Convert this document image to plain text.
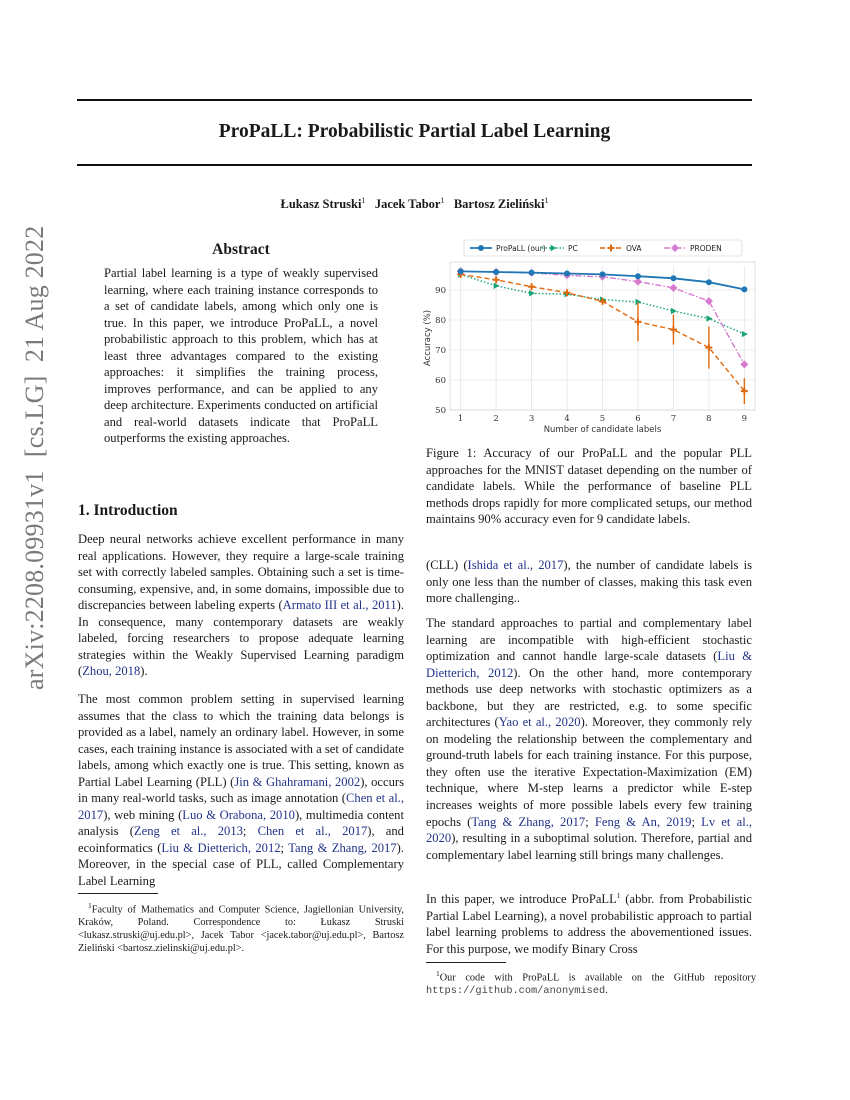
ProPaLL: Probabilistic Partial Label Learning
Łukasz Struski$^1$ Jacek Tabor$^1$ Bartosz Zieliński$^1$
arXiv:2208.09931v1  [cs.LG]  21 Aug 2022	Abstract
Partial label learning is a type of weakly supervised learning, where each training instance corresponds to a set of candidate labels, among which only one is true. In this paper, we introduce ProPaLL, a novel probabilistic approach to this problem, which has at least three advantages compared to the existing approaches: it simplifies the training process, improves performance, and can be applied to any deep architecture. Experiments conducted on artificial and real-world datasets indicate that ProPaLL outperforms the existing approaches.
1. Introduction
Deep neural networks achieve excellent performance in many real applications. However, they require a large-scale training set with correctly labeled samples. Obtaining such a set is time-consuming, expensive, and, in some domains, impossible due to discrepancies between labeling experts (Armato III et al., 2011). In consequence, many contemporary datasets are weakly labeled, forcing researchers to propose adequate learning strategies within the Weakly Supervised Learning paradigm (Zhou, 2018).
The most common problem setting in supervised learning assumes that the class to which the training data belongs is provided as a label, namely an ordinary label. However, in some cases, each training instance is associated with a set of candidate labels, among which exactly one is true. This setting, known as Partial Label Learning (PLL) (Jin & Ghahramani, 2002), occurs in many real-world tasks, such as image annotation (Chen et al., 2017), web mining (Luo & Orabona, 2010), multimedia content analysis (Zeng et al., 2013; Chen et al., 2017), and ecoinformatics (Liu & Dietterich, 2012; Tang & Zhang, 2017). Moreover, in the special case of PLL, called Complementary Label Learning
$^1$Faculty of Mathematics and Computer Science, Jagiellonian University, Kraków, Poland. Correspondence to: Łukasz Struski <lukasz.struski@uj.edu.pl>, Jacek Tabor <jacek.tabor@uj.edu.pl>, Bartosz Zieliński <bartosz.zielinski@uj.edu.pl>.
50
60
70
80
90
1	2	3	4	5	6	7	8	9
Number of candidate labels
Accuracy (%)
ProPaLL (our)	PC	OVA	PRODEN
Figure 1: Accuracy of our ProPaLL and the popular PLL approaches for the MNIST dataset depending on the number of candidate labels. While the performance of baseline PLL methods drops rapidly for more complicated setups, our method maintains 90% accuracy even for 9 candidate labels.
(CLL) (Ishida et al., 2017), the number of candidate labels is only one less than the number of classes, making this task even more challenging..
The standard approaches to partial and complementary label learning are incompatible with high-efficient stochastic optimization and cannot handle large-scale datasets (Liu & Dietterich, 2012). On the other hand, more contemporary methods use deep networks with stochastic optimizers as a backbone, but they are restricted, e.g. to some specific architectures (Yao et al., 2020). Moreover, they commonly rely on modeling the relationship between the complementary and ground-truth labels for each training instance. For this purpose, they often use the iterative Expectation-Maximization (EM) technique, where M-step learns a predictor while E-step increases weights of more possible labels every few training epochs (Tang & Zhang, 2017; Feng & An, 2019; Lv et al., 2020), resulting in a suboptimal solution. Therefore, partial and complementary label learning still brings many challenges.
In this paper, we introduce ProPaLL$^1$ (abbr. from Probabilistic Partial Label Learning), a novel probabilistic approach to partial label learning problems to address the abovementioned issues. For this purpose, we modify Binary Cross
$^1$Our code with ProPaLL is available on the GitHub repository https://github.com/anonymised.
